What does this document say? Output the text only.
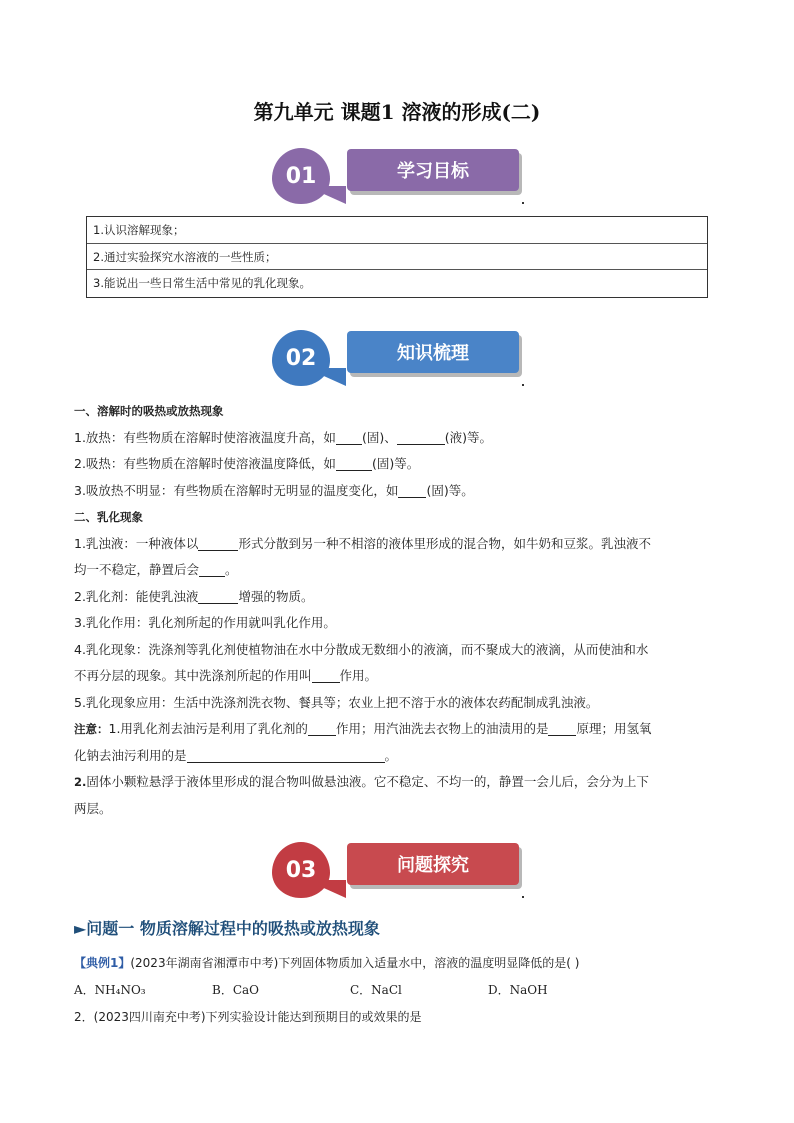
第九单元 课题1 溶液的形成(二)
01	学习目标
1.认识溶解现象；
2.通过实验探究水溶液的一些性质；
3.能说出一些日常生活中常见的乳化现象。
02	知识梳理
一、溶解时的吸热或放热现象
1.放热：有些物质在溶解时使溶液温度升高，如 (固)、	(液)等。
2.吸热：有些物质在溶解时使溶液温度降低，如	(固)等。
3.吸放热不明显：有些物质在溶解时无明显的温度变化，如 (固)等。
二、乳化现象
1.乳浊液：一种液体以	形式分散到另一种不相溶的液体里形成的混合物，如牛奶和豆浆。乳浊液不
均一不稳定，静置后会 。
2.乳化剂：能使乳浊液	增强的物质。
3.乳化作用：乳化剂所起的作用就叫乳化作用。
4.乳化现象：洗涤剂等乳化剂使植物油在水中分散成无数细小的液滴，而不聚成大的液滴，从而使油和水
不再分层的现象。其中洗涤剂所起的作用叫 作用。
5.乳化现象应用：生活中洗涤剂洗衣物、餐具等；农业上把不溶于水的液体农药配制成乳浊液。
注意：1.用乳化剂去油污是利用了乳化剂的 作用；用汽油洗去衣物上的油渍用的是 原理；用氢氧
化钠去油污利用的是	。
2.固体小颗粒悬浮于液体里形成的混合物叫做悬浊液。它不稳定、不均一的，静置一会儿后，会分为上下
两层。
03	问题探究
►问题一 物质溶解过程中的吸热或放热现象
【典例1】(2023年湖南省湘潭市中考)下列固体物质加入适量水中，溶液的温度明显降低的是( )
A．NH₄NO₃	B．CaO	C．NaCl	D．NaOH
2．(2023四川南充中考)下列实验设计能达到预期目的或效果的是
